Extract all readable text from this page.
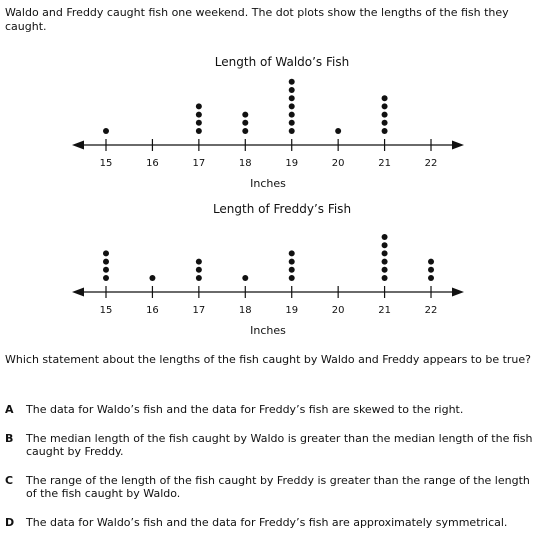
Waldo and Freddy caught fish one weekend. The dot plots show the lengths of the fish they caught.

Length of Waldo’s Fish
15	16	17	18	19	20	21	22
Inches
Length of Freddy’s Fish
15	16	17	18	19	20	21	22
Inches

Which statement about the lengths of the fish caught by Waldo and Freddy appears to be true?

A	The data for Waldo’s fish and the data for Freddy’s fish are skewed to the right.
B	The median length of the fish caught by Waldo is greater than the median length of the fish caught by Freddy.
C	The range of the length of the fish caught by Freddy is greater than the range of the length of the fish caught by Waldo.
D	The data for Waldo’s fish and the data for Freddy’s fish are approximately symmetrical.
